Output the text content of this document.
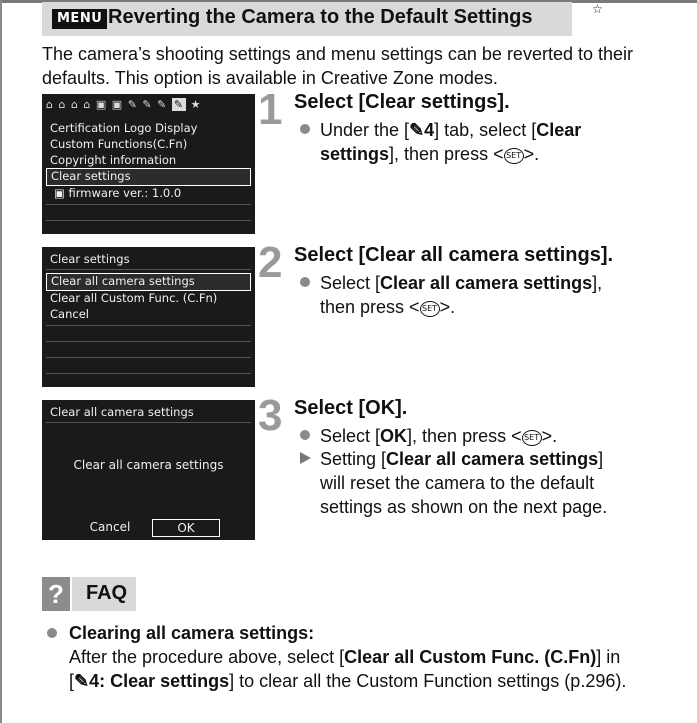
MENU Reverting the Camera to the Default Settings	☆
The camera’s shooting settings and menu settings can be reverted to their defaults. This option is available in Creative Zone modes.
⌂ ⌂ ⌂ ⌂ ▣ ▣ ✎ ✎ ✎ ✎ ★
Certification Logo Display
Custom Functions(C.Fn)
Copyright information
Clear settings
▣ firmware ver.: 1.0.0
1 Select [Clear settings].
Under the [✎4] tab, select [Clear settings], then press < SET >.
Clear settings
Clear all camera settings
Clear all Custom Func. (C.Fn)
Cancel
2 Select [Clear all camera settings].
Select [Clear all camera settings], then press < SET >.
Clear all camera settings
Clear all camera settings
Cancel	OK
3 Select [OK].
Select [OK], then press < SET >.
Setting [Clear all camera settings] will reset the camera to the default settings as shown on the next page.
?	FAQ
Clearing all camera settings:
After the procedure above, select [Clear all Custom Func. (C.Fn)] in [✎4: Clear settings] to clear all the Custom Function settings (p.296).
